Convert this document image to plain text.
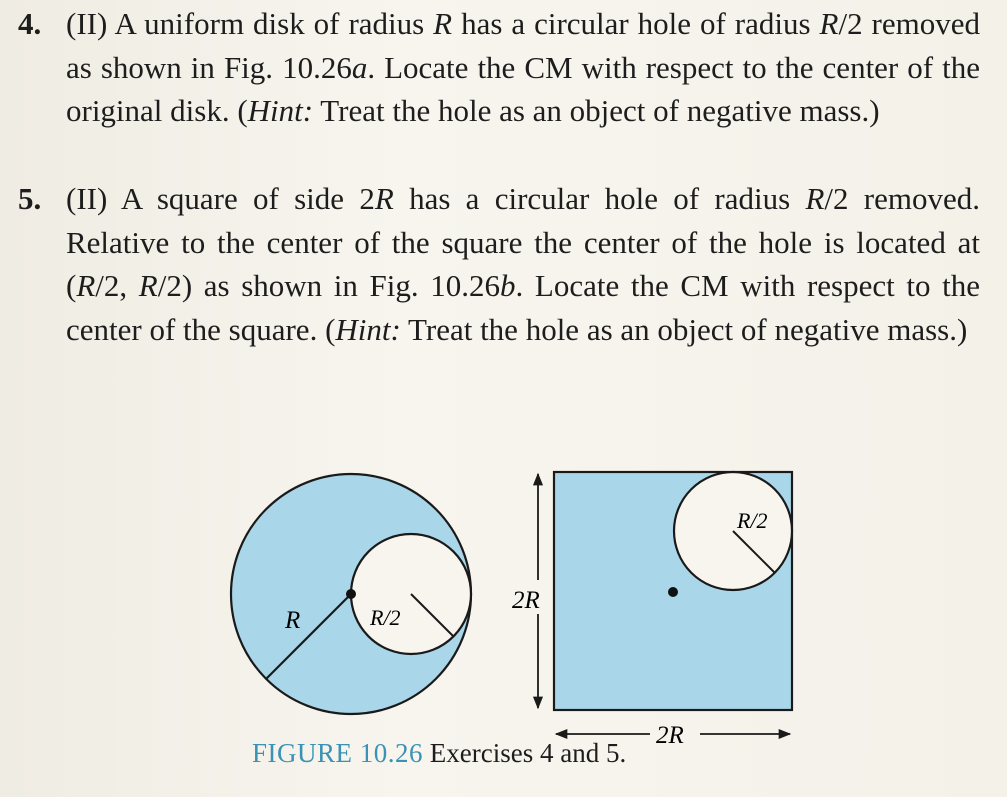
4. (II) A uniform disk of radius R has a circular hole of radius R/2 removed as shown in Fig. 10.26a. Locate the CM with respect to the center of the original disk. (Hint: Treat the hole as an object of negative mass.)
5. (II) A square of side 2R has a circular hole of radius R/2 removed. Relative to the center of the square the center of the hole is located at (R/2, R/2) as shown in Fig. 10.26b. Locate the CM with respect to the center of the square. (Hint: Treat the hole as an object of negative mass.)
R	R/2
R/2
2R
2R
FIGURE 10.26 Exercises 4 and 5.
